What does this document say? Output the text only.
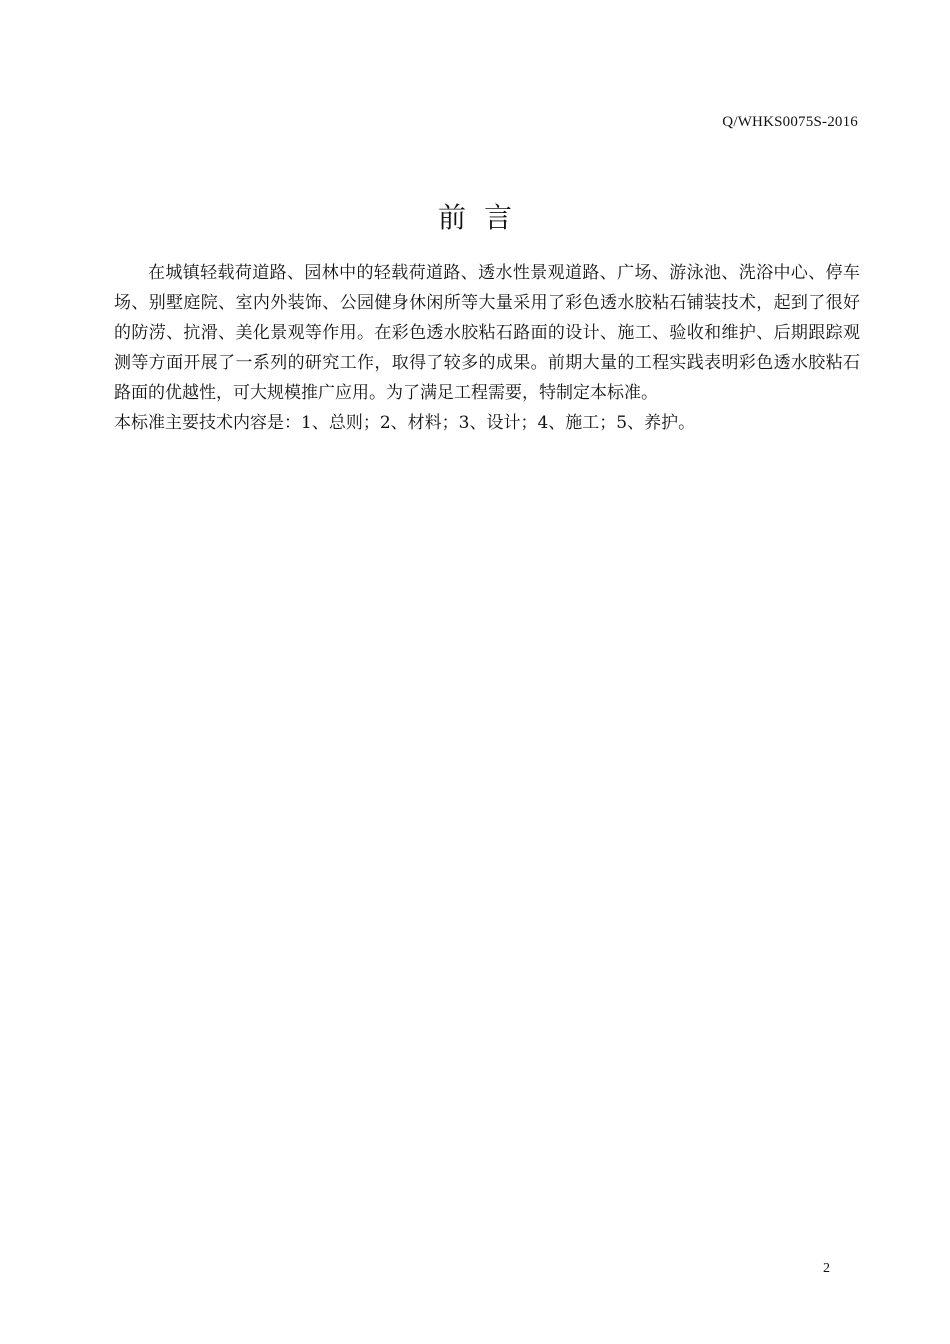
Q/WHKS0075S-2016
前言

在城镇轻载荷道路、园林中的轻载荷道路、透水性景观道路、广场、游泳池、洗浴中心、停车场、别墅庭院、室内外装饰、公园健身休闲所等大量采用了彩色透水胶粘石铺装技术，起到了很好的防涝、抗滑、美化景观等作用。在彩色透水胶粘石路面的设计、施工、验收和维护、后期跟踪观测等方面开展了一系列的研究工作，取得了较多的成果。前期大量的工程实践表明彩色透水胶粘石路面的优越性，可大规模推广应用。为了满足工程需要，特制定本标准。

本标准主要技术内容是：1、总则；2、材料；3、设计；4、施工；5、养护。

2
